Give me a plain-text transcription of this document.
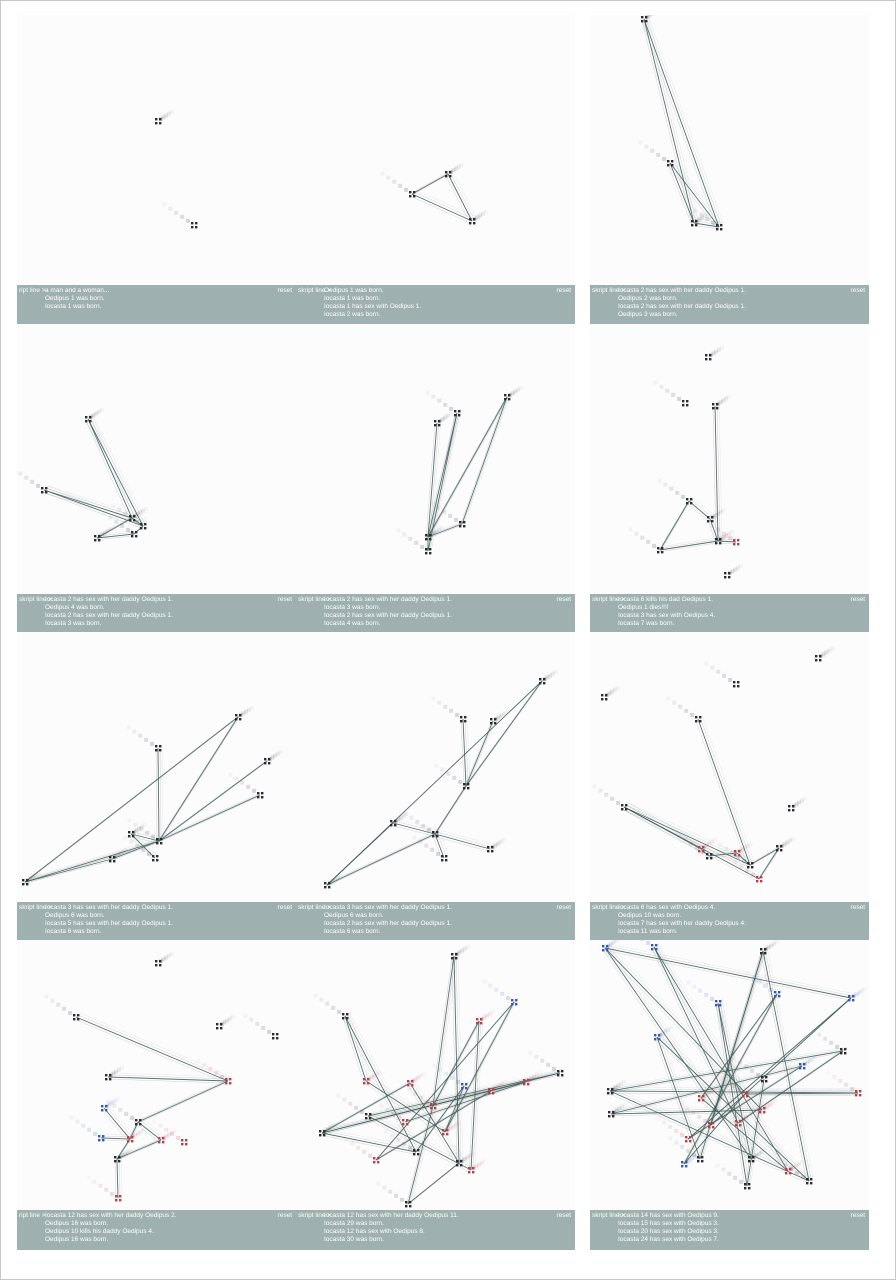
ript line >	reset
a man and a woman...
Oedipus 1 was born.
Iocasta 1 was born.
skript line >	reset
Oedipus 1 was born.
Iocasta 1 was born.
Iocasta 1 has sex with Oedipus 1.
Iocasta 2 was born.
skript line >	reset
Iocasta 2 has sex with her daddy Oedipus 1.
Oedipus 2 was born.
Iocasta 2 has sex with her daddy Oedipus 1.
Oedipus 3 was born.
skript line >	reset
Iocasta 2 has sex with her daddy Oedipus 1.
Oedipus 4 was born.
Iocasta 2 has sex with her daddy Oedipus 1.
Iocasta 3 was born.
skript line >	reset
Iocasta 2 has sex with her daddy Oedipus 1.
Iocasta 3 was born.
Iocasta 2 has sex with her daddy Oedipus 1.
Iocasta 4 was born.
skript line >	reset
Iocasta 6 kills his dad Oedipus 1.
Oedipus 1 dies!!!!
Iocasta 3 has sex with Oedipus 4.
Iocasta 7 was born.
skript line >	reset
Iocasta 3 has sex with her daddy Oedipus 1.
Oedipus 6 was born.
Iocasta 5 has sex with her daddy Oedipus 1.
Iocasta 6 was born.
skript line >	reset
Iocasta 3 has sex with her daddy Oedipus 1.
Oedipus 6 was born.
Iocasta 2 has sex with her daddy Oedipus 1.
Iocasta 6 was born.
skript line >	reset
Iocasta 6 has sex with Oedipus 4.
Oedipus 10 was born.
Iocasta 7 has sex with her daddy Oedipus 4.
Iocasta 11 was born.
ript line >	reset
Iocasta 12 has sex with her daddy Oedipus 2.
Oedipus 16 was born.
Oedipus 10 kills his daddy Oedipus 4.
Oedipus 16 was born.
skript line >	reset
Iocasta 12 has sex with her daddy Oedipus 11.
Iocasta 29 was born.
Iocasta 12 has sex with Oedipus 8.
Iocasta 30 was born.
skript line >	reset
Iocasta 14 has sex with Oedipus 9.
Iocasta 15 has sex with Oedipus 3.
Iocasta 20 has sex with Oedipus 3.
Iocasta 24 has sex with Oedipus 7.
